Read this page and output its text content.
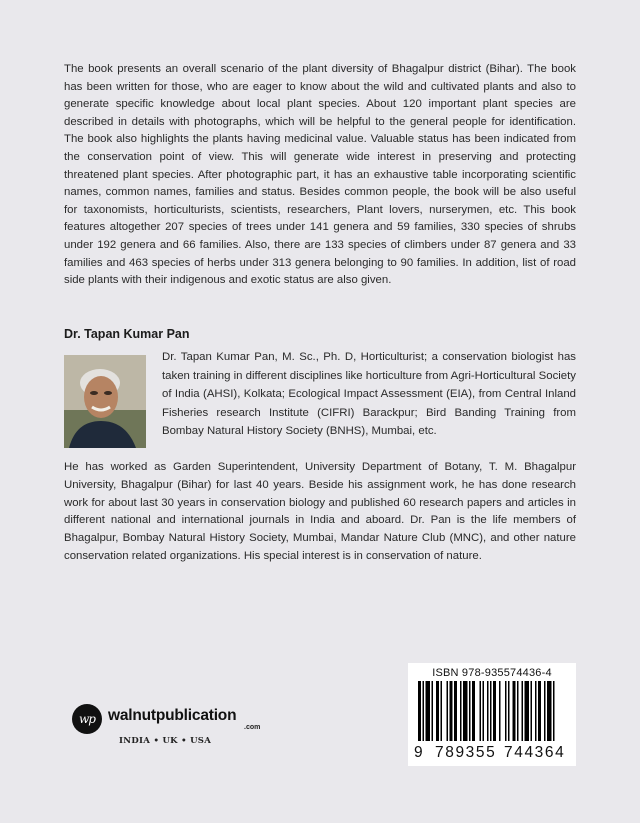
The book presents an overall scenario of the plant diversity of Bhagalpur district (Bihar). The book has been written for those, who are eager to know about the wild and cultivated plants and also to generate specific knowledge about local plant species. About 120 important plant species are described in details with photographs, which will be helpful to the general people for identification. The book also highlights the plants having medicinal value. Valuable status has been indicated from the conservation point of view. This will generate wide interest in preserving and protecting threatened plant species. After photographic part, it has an exhaustive table incorporating scientific names, common names, families and status. Besides common people, the book will be also useful for taxonomists, horticulturists, scientists, researchers, Plant lovers, nurserymen, etc. This book features altogether 207 species of trees under 141 genera and 59 families, 330 species of shrubs under 192 genera and 66 families. Also, there are 133 species of climbers under 87 genera and 33 families and 463 species of herbs under 313 genera belonging to 90 families. In addition, list of road side plants with their indigenous and exotic status are also given.

Dr. Tapan Kumar Pan

Dr. Tapan Kumar Pan, M. Sc., Ph. D, Horticulturist; a conservation biologist has taken training in different disciplines like horticulture from Agri-Horticultural Society of India (AHSI), Kolkata; Ecological Impact Assessment (EIA), from Central Inland Fisheries research Institute (CIFRI) Barackpur; Bird Banding Training from Bombay Natural History Society (BNHS), Mumbai, etc.

He has worked as Garden Superintendent, University Department of Botany, T. M. Bhagalpur University, Bhagalpur (Bihar) for last 40 years. Beside his assignment work, he has done research work for about last 30 years in conservation biology and published 60 research papers and articles in different national and international journals in India and aboard. Dr. Pan is the life members of Bhagalpur, Bombay Natural History Society, Mumbai, Mandar Nature Club (MNC), and other nature conservation related organizations. His special interest is in conservation of nature.

wp walnutpublication
.com
INDIA • UK • USA
ISBN 978-935574436-4
9 789355 744364
